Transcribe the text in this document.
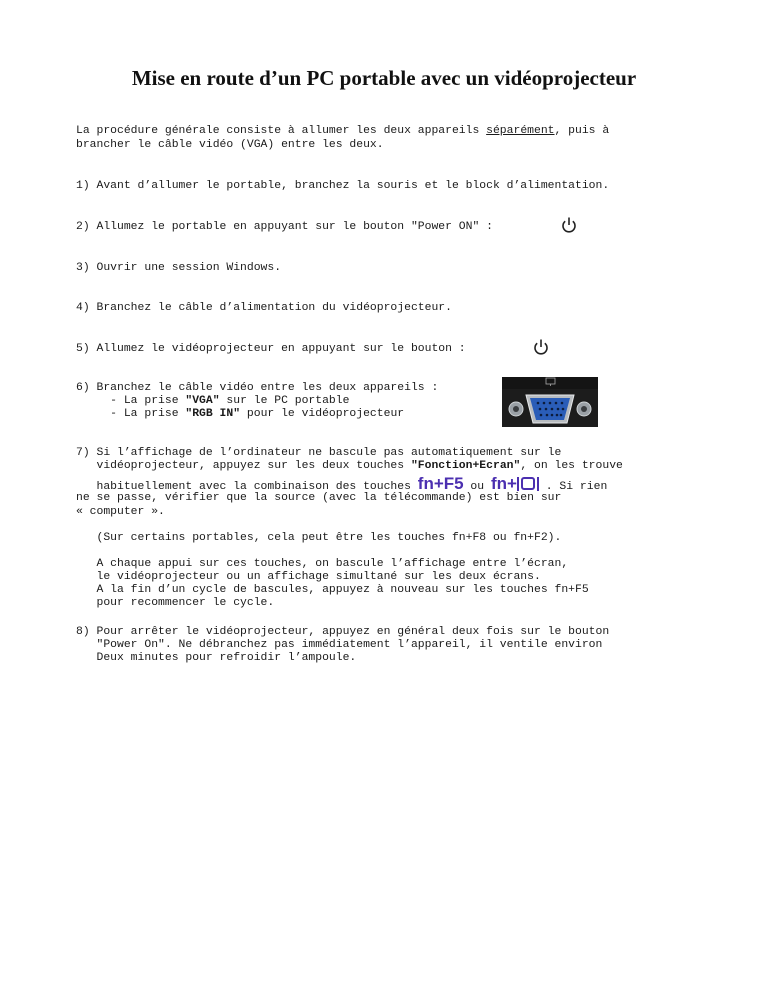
Mise en route d’un PC portable avec un vidéoprojecteur
La procédure générale consiste à allumer les deux appareils séparément, puis à
brancher le câble vidéo (VGA) entre les deux.
1) Avant d’allumer le portable, branchez la souris et le block d’alimentation.
2) Allumez le portable en appuyant sur le bouton "Power ON" :
3) Ouvrir une session Windows.
4) Branchez le câble d’alimentation du vidéoprojecteur.
5) Allumez le vidéoprojecteur en appuyant sur le bouton :
6) Branchez le câble vidéo entre les deux appareils :
- La prise "VGA" sur le PC portable
- La prise "RGB IN" pour le vidéoprojecteur
7) Si l’affichage de l’ordinateur ne bascule pas automatiquement sur le
vidéoprojecteur, appuyez sur les deux touches "Fonction+Ecran", on les trouve
habituellement avec la combinaison des touches fn+F5 ou fn+ . Si rien
ne se passe, vérifier que la source (avec la télécommande) est bien sur
« computer ».
(Sur certains portables, cela peut être les touches fn+F8 ou fn+F2).
A chaque appui sur ces touches, on bascule l’affichage entre l’écran,
le vidéoprojecteur ou un affichage simultané sur les deux écrans.
A la fin d’un cycle de bascules, appuyez à nouveau sur les touches fn+F5
pour recommencer le cycle.
8) Pour arrêter le vidéoprojecteur, appuyez en général deux fois sur le bouton
"Power On". Ne débranchez pas immédiatement l’appareil, il ventile environ
Deux minutes pour refroidir l’ampoule.
